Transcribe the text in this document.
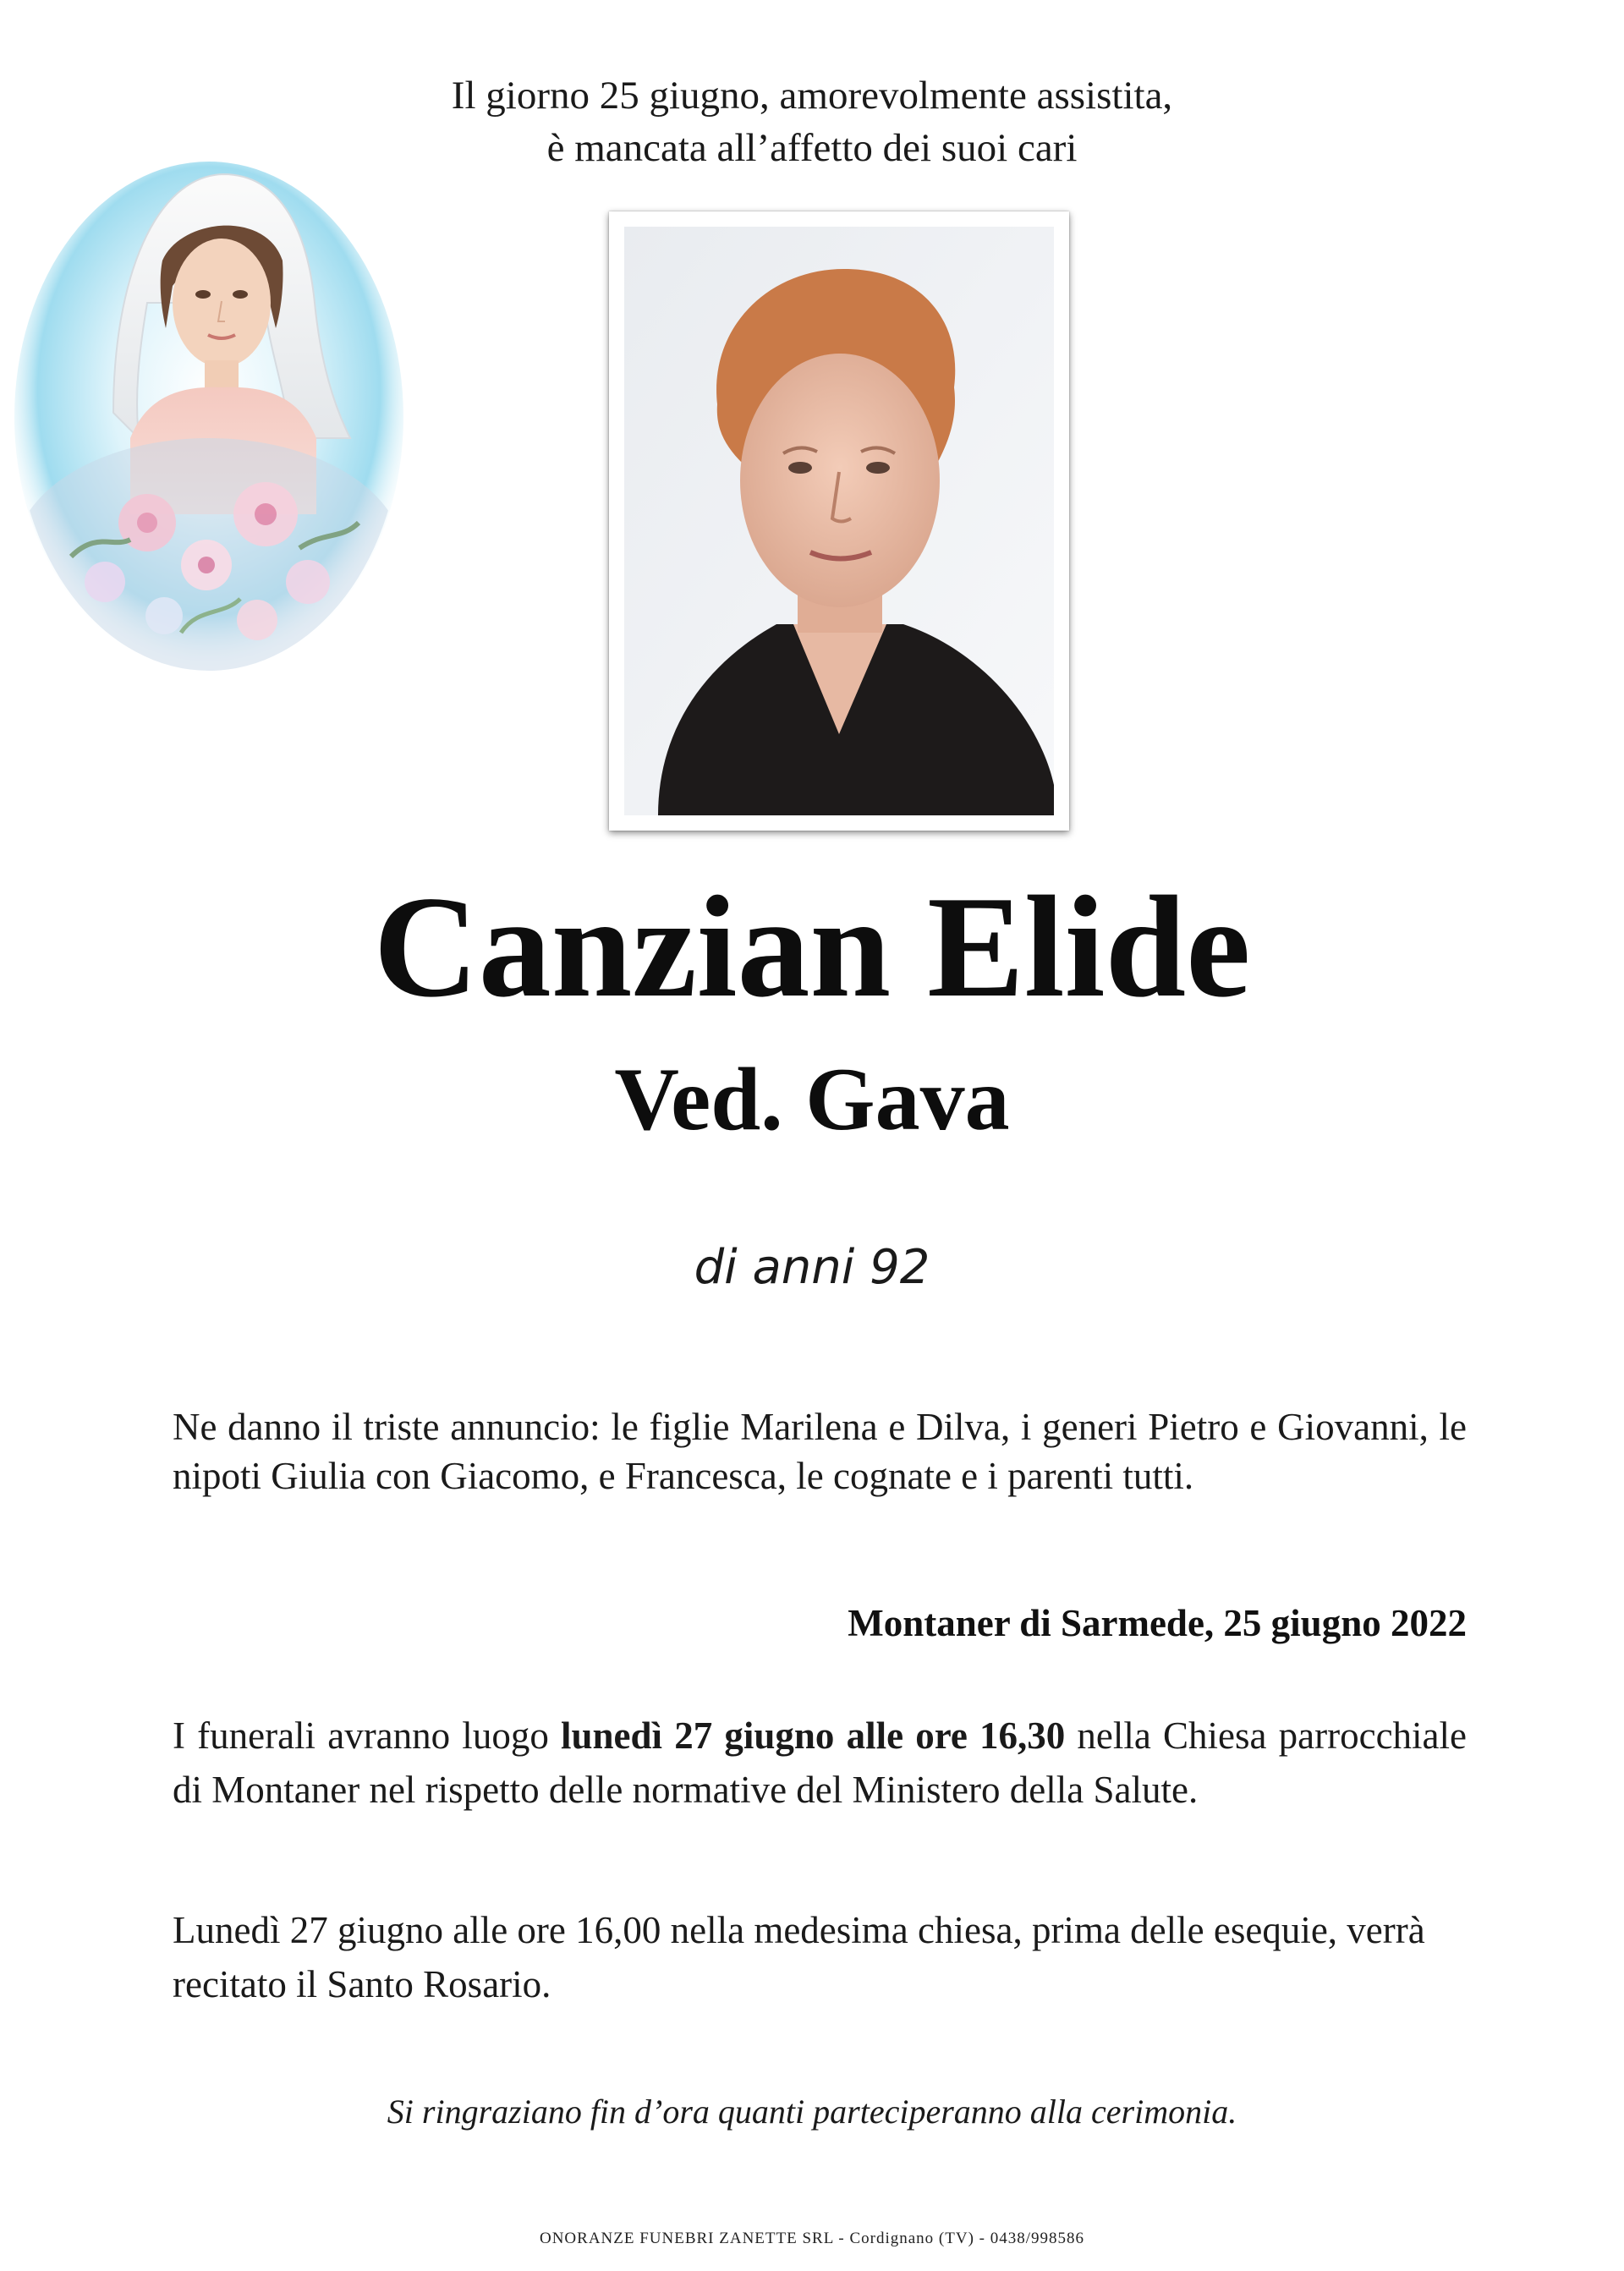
Il giorno 25 giugno, amorevolmente assistita,
è mancata all’affetto dei suoi cari
Canzian Elide
Ved. Gava
di anni 92
Ne danno il triste annuncio: le figlie Marilena e Dilva, i generi Pietro e Giovanni, le nipoti Giulia con Giacomo, e Francesca, le cognate e i parenti tutti.
Montaner di Sarmede, 25 giugno 2022
I funerali avranno luogo lunedì 27 giugno alle ore 16,30 nella Chiesa parrocchiale di Montaner nel rispetto delle normative del Ministero della Salute.
Lunedì 27 giugno alle ore 16,00 nella medesima chiesa, prima delle esequie, verrà recitato il Santo Rosario.
Si ringraziano fin d’ora quanti parteciperanno alla cerimonia.
ONORANZE FUNEBRI ZANETTE SRL - Cordignano (TV) - 0438/998586
